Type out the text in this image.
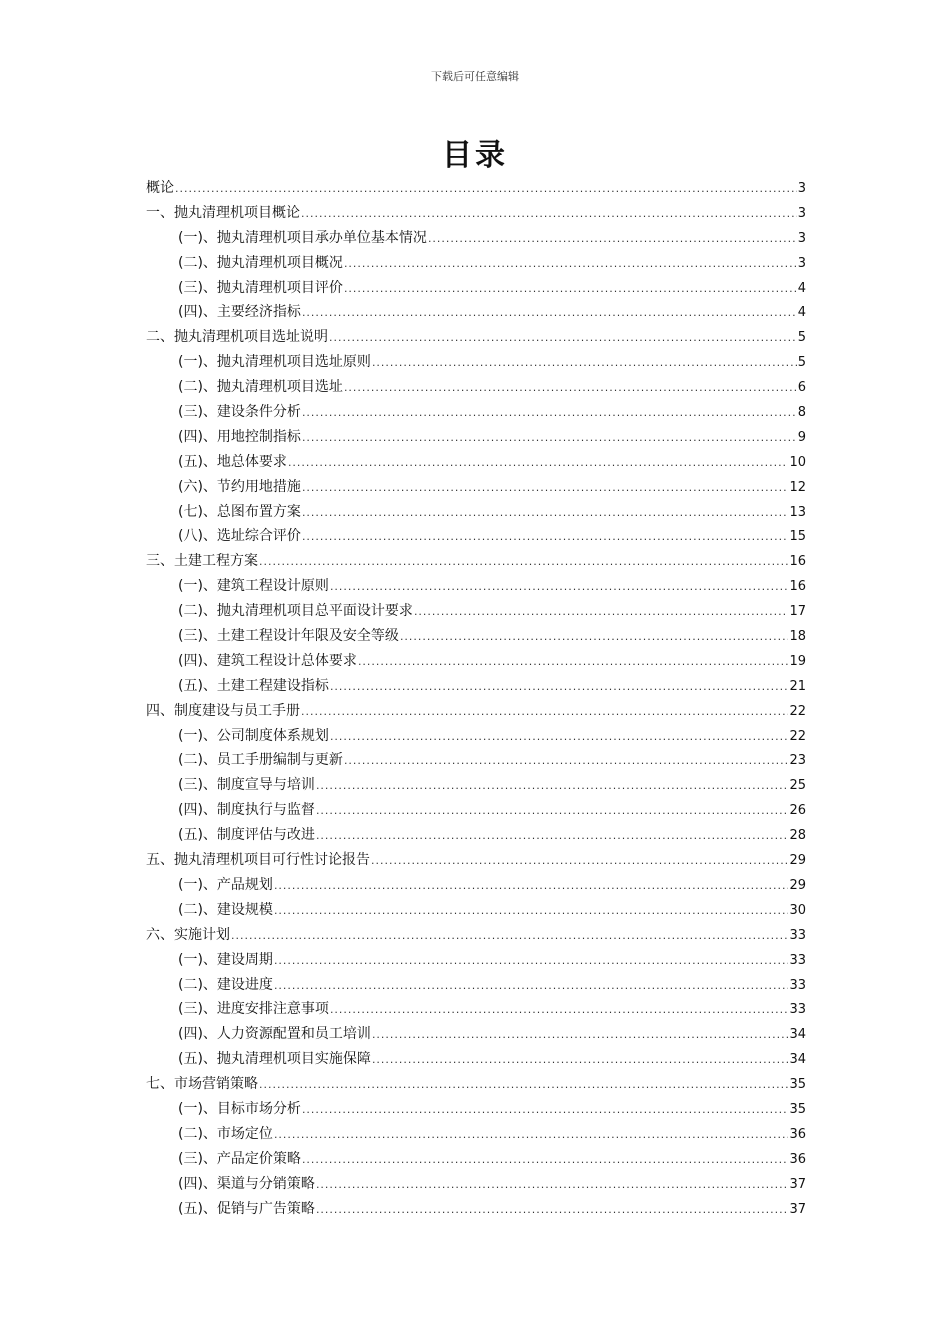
下载后可任意编辑
目录
概论 .....	3
一、抛丸清理机项目概论 .....	3
(一)、抛丸清理机项目承办单位基本情况 .....	3
(二)、抛丸清理机项目概况 .....	3
(三)、抛丸清理机项目评价 .....	4
(四)、主要经济指标 .....	4
二、抛丸清理机项目选址说明 .....	5
(一)、抛丸清理机项目选址原则 .....	5
(二)、抛丸清理机项目选址 .....	6
(三)、建设条件分析 .....	8
(四)、用地控制指标 .....	9
(五)、地总体要求 .....	10
(六)、节约用地措施 .....	12
(七)、总图布置方案 .....	13
(八)、选址综合评价 .....	15
三、土建工程方案 .....	16
(一)、建筑工程设计原则 .....	16
(二)、抛丸清理机项目总平面设计要求 .....	17
(三)、土建工程设计年限及安全等级 .....	18
(四)、建筑工程设计总体要求 .....	19
(五)、土建工程建设指标 .....	21
四、制度建设与员工手册 .....	22
(一)、公司制度体系规划 .....	22
(二)、员工手册编制与更新 .....	23
(三)、制度宣导与培训 .....	25
(四)、制度执行与监督 .....	26
(五)、制度评估与改进 .....	28
五、抛丸清理机项目可行性讨论报告 .....	29
(一)、产品规划 .....	29
(二)、建设规模 .....	30
六、实施计划 .....	33
(一)、建设周期 .....	33
(二)、建设进度 .....	33
(三)、进度安排注意事项 .....	33
(四)、人力资源配置和员工培训 .....	34
(五)、抛丸清理机项目实施保障 .....	34
七、市场营销策略 .....	35
(一)、目标市场分析 .....	35
(二)、市场定位 .....	36
(三)、产品定价策略 .....	36
(四)、渠道与分销策略 .....	37
(五)、促销与广告策略 .....	37
